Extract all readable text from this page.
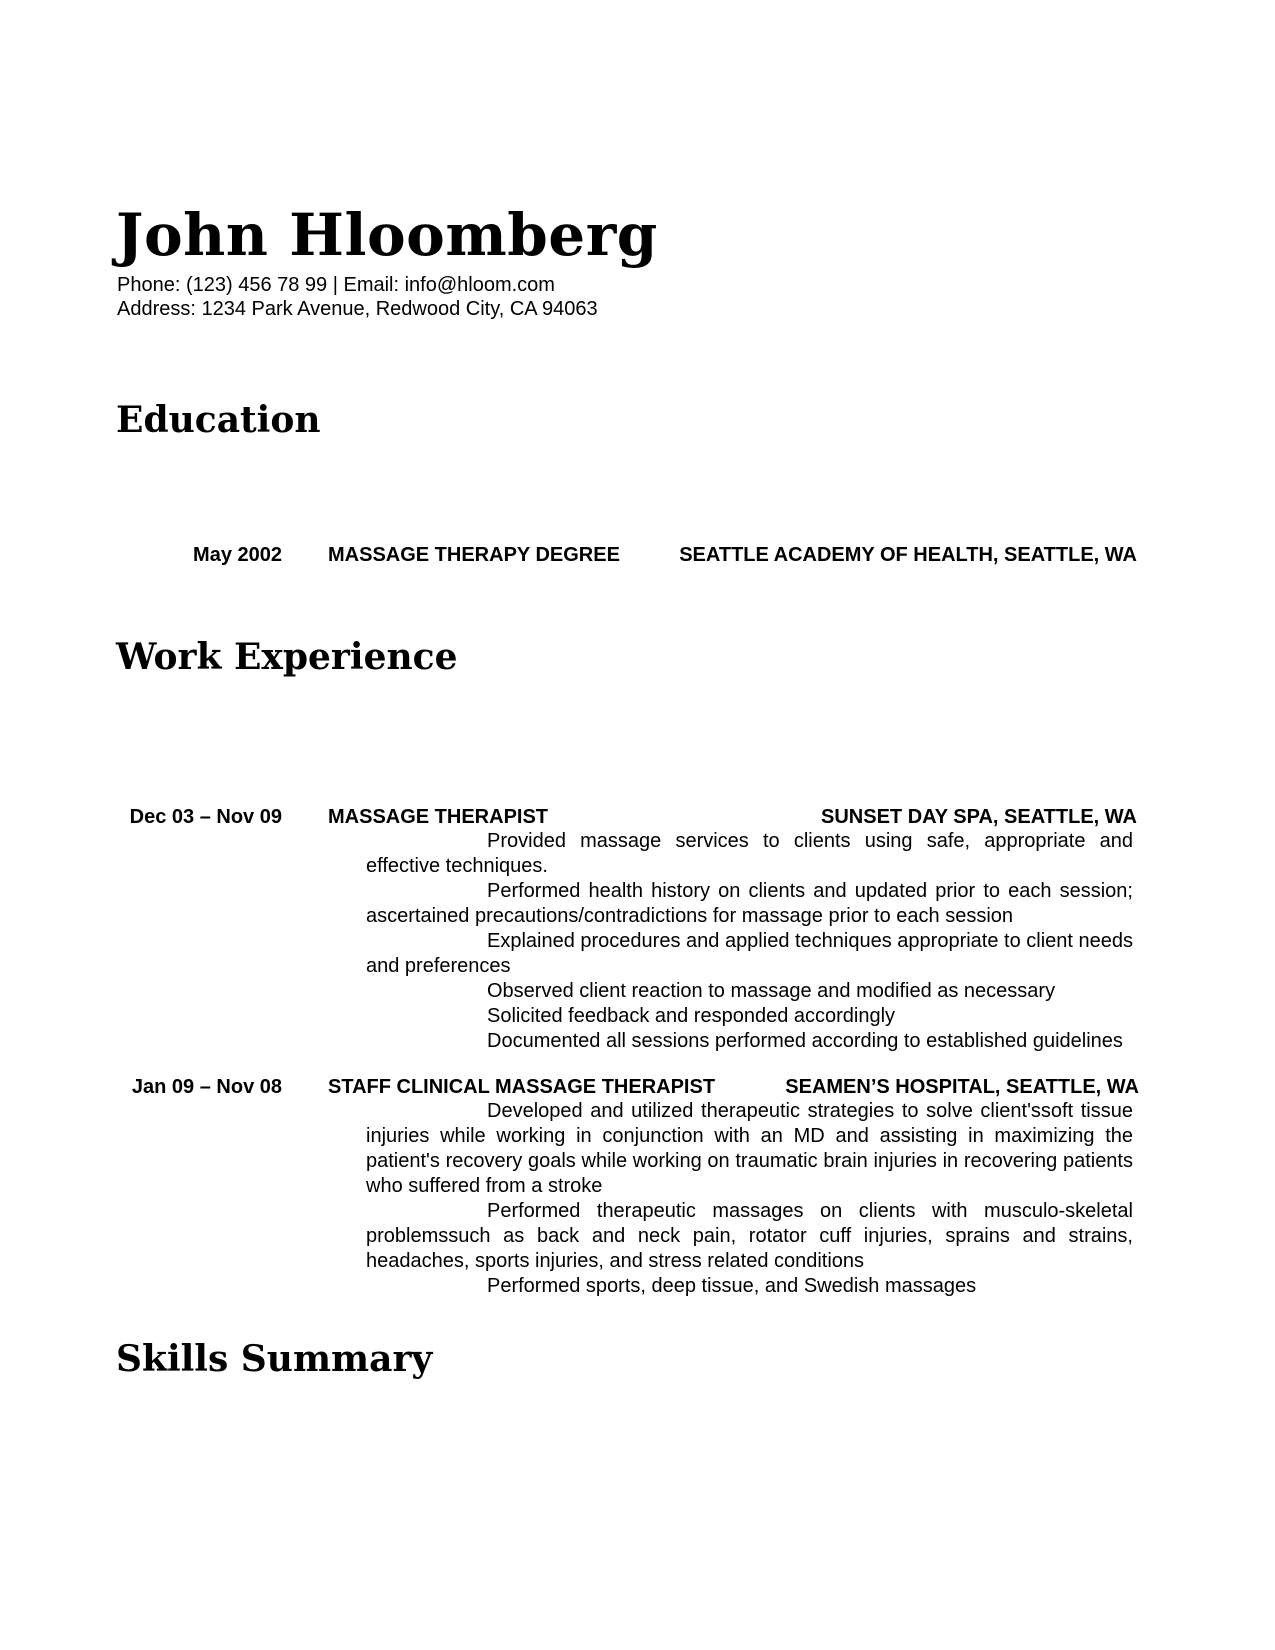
John Hloomberg
Phone: (123) 456 78 99 | Email: info@hloom.com
Address: 1234 Park Avenue, Redwood City, CA 94063
Education
May 2002 MASSAGE THERAPY DEGREE	SEATTLE ACADEMY OF HEALTH, SEATTLE, WA
Work Experience
Dec 03 – Nov 09 MASSAGE THERAPIST	SUNSET DAY SPA, SEATTLE, WA

Provided massage services to clients using safe, appropriate and effective techniques.

Performed health history on clients and updated prior to each session; ascertained precautions/contradictions for massage prior to each session

Explained procedures and applied techniques appropriate to client needs and preferences

Observed client reaction to massage and modified as necessary

Solicited feedback and responded accordingly

Documented all sessions performed according to established guidelines

Jan 09 – Nov 08 STAFF CLINICAL MASSAGE THERAPIST	SEAMEN’S HOSPITAL, SEATTLE, WA

Developed and utilized therapeutic strategies to solve client'ssoft tissue injuries while working in conjunction with an MD and assisting in maximizing the patient's recovery goals while working on traumatic brain injuries in recovering patients who suffered from a stroke

Performed therapeutic massages on clients with musculo-skeletal problemssuch as back and neck pain, rotator cuff injuries, sprains and strains, headaches, sports injuries, and stress related conditions

Performed sports, deep tissue, and Swedish massages

Skills Summary
